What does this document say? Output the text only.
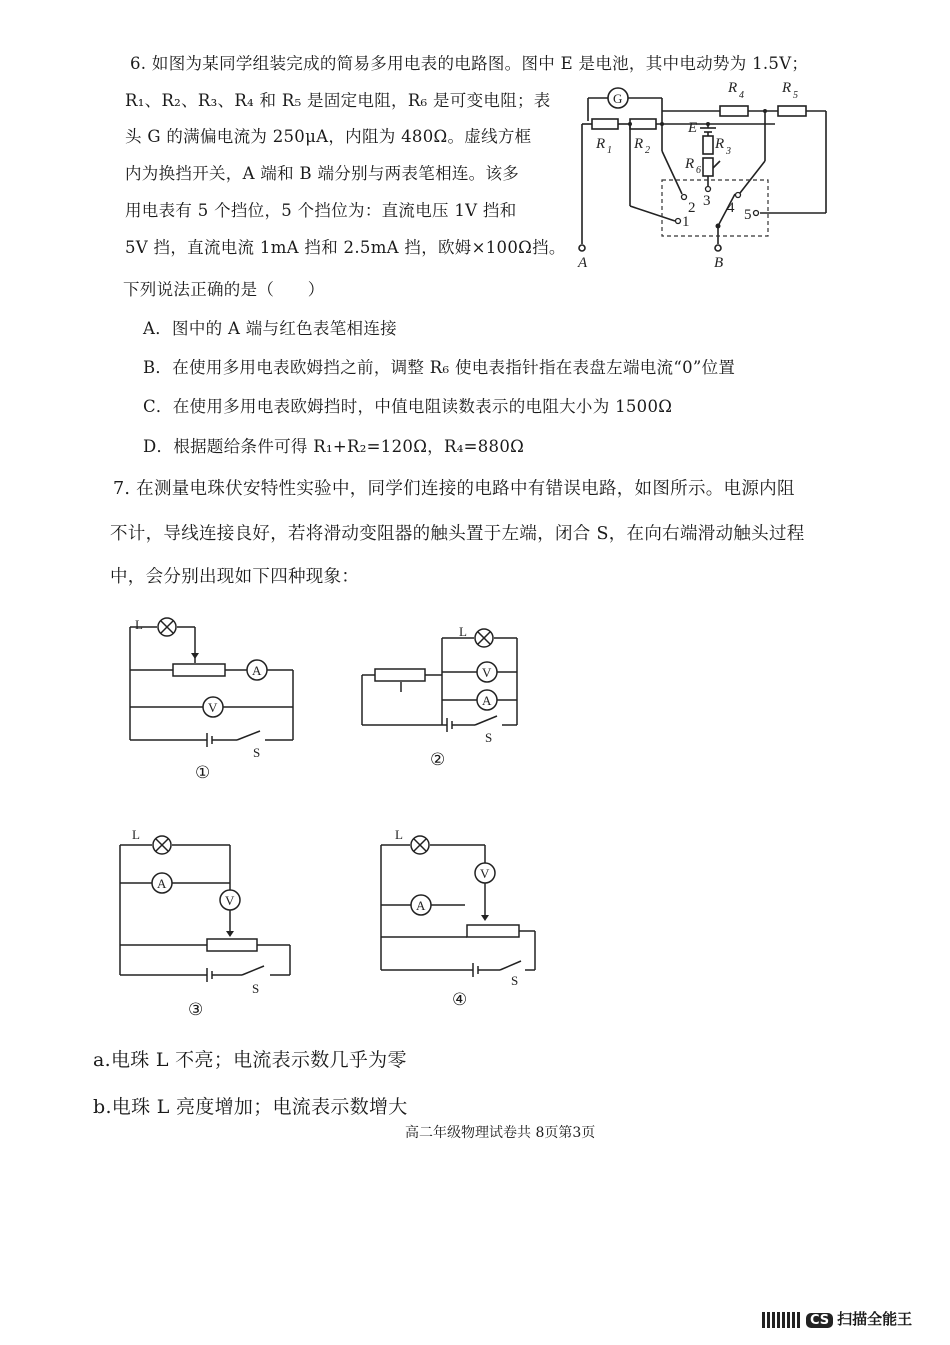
6. 如图为某同学组装完成的简易多用电表的电路图。图中 E 是电池，其中电动势为 1.5V；
R₁、R₂、R₃、R₄ 和 R₅ 是固定电阻，R₆ 是可变电阻；表
头 G 的满偏电流为 250μA，内阻为 480Ω。虚线方框
内为换挡开关，A 端和 B 端分别与两表笔相连。该多
用电表有 5 个挡位，5 个挡位为：直流电压 1V 挡和
5V 挡，直流电流 1mA 挡和 2.5mA 挡，欧姆×100Ω挡。
下列说法正确的是（　　）
A．图中的 A 端与红色表笔相连接
B．在使用多用电表欧姆挡之前，调整 R₆ 使电表指针指在表盘左端电流“0”位置
C．在使用多用电表欧姆挡时，中值电阻读数表示的电阻大小为 1500Ω
D．根据题给条件可得 R₁+R₂=120Ω，R₄=880Ω
G
R 1 R 2
E
R 3
R 6
R 4	R 5
1
2 3 4 5
A	B
7. 在测量电珠伏安特性实验中，同学们连接的电路中有错误电路，如图所示。电源内阻
不计，导线连接良好，若将滑动变阻器的触头置于左端，闭合 S，在向右端滑动触头过程
中，会分别出现如下四种现象：
L
A
V
S
①
L
V
A
S
②
L
A
V
S
③
L
V
A
S
④
a.电珠 L 不亮；电流表示数几乎为零
b.电珠 L 亮度增加；电流表示数增大
高二年级物理试卷共 8页第3页
CS 扫描全能王
